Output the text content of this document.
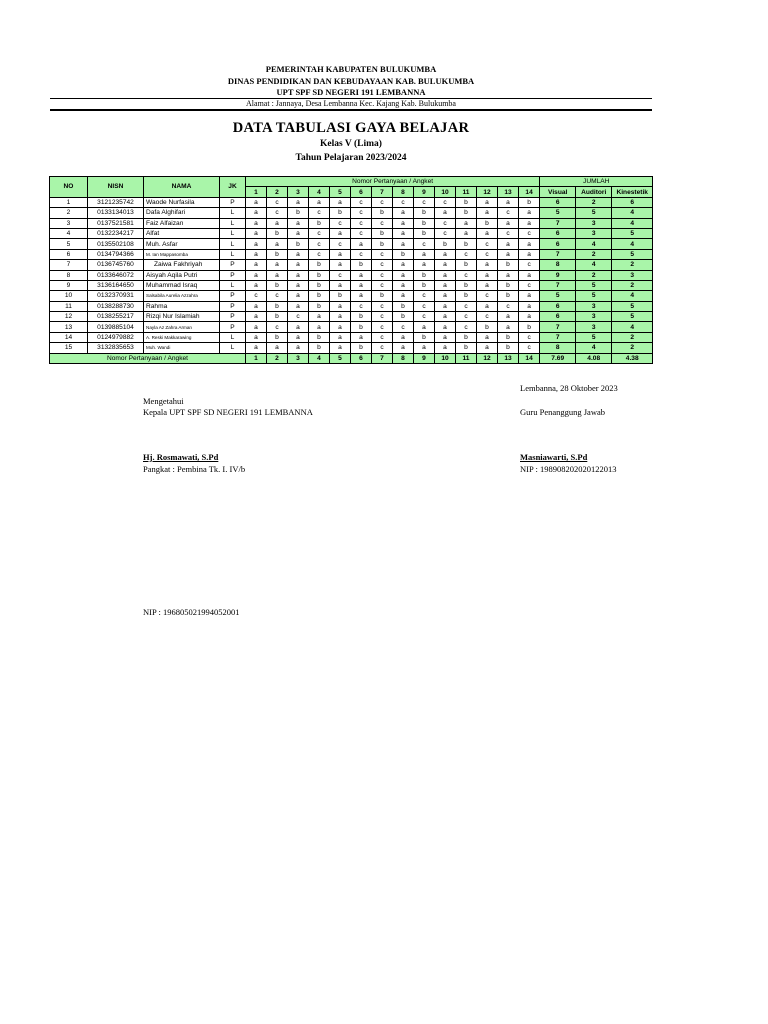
PEMERINTAH KABUPATEN BULUKUMBA
DINAS PENDIDIKAN DAN KEBUDAYAAN KAB. BULUKUMBA
UPT SPF SD NEGERI 191 LEMBANNA
Alamat : Jannaya, Desa Lembanna Kec. Kajang Kab. Bulukumba
DATA TABULASI GAYA BELAJAR
Kelas V (Lima)
Tahun Pelajaran 2023/2024
NO	NISN	NAMA	JK	Nomor Pertanyaan / Angket														JUMLAH		
				1	2	3	4	5	6	7	8	9	10	11	12	13	14	Visual	Auditori	Kinestetik
1	3121235742	Waode Nurfasila	P	a	c	a	a	a	c	c	c	c	c	b	a	a	b	6	2	6
2	0133134013	Dafa Alghifari	L	a	c	b	c	b	c	b	a	b	a	b	a	c	a	5	5	4
3	0137521581	Faiz Alfaizan	L	a	a	a	b	c	c	c	a	b	c	a	b	a	a	7	3	4
4	0132234217	Alfat	L	a	b	a	c	a	c	b	a	b	c	a	a	c	c	6	3	5
5	0135502108	Muh. Asfar	L	a	a	b	c	c	a	b	a	c	b	b	c	a	a	6	4	4
6	0134794366	M. Ian Mappasomba	L	a	b	a	c	a	c	c	b	a	a	c	c	a	a	7	2	5
7	0136745760	Zaiwa Fakhriyah	P	a	a	a	b	a	b	c	a	a	a	b	a	b	c	8	4	2
8	0133646072	Aisyah Aqila Putri	P	a	a	a	b	c	a	c	a	b	a	c	a	a	a	9	2	3
9	3136164650	Muhammad Israq	L	a	b	a	b	a	a	c	a	b	a	b	a	b	c	7	5	2
10	0132370931	Salsabila Aurelia Azzahra	P	c	c	a	b	b	a	b	a	c	a	b	c	b	a	5	5	4
11	0138288730	Rahma	P	a	b	a	b	a	c	c	b	c	a	c	a	c	a	6	3	5
12	0138255217	Rizqi Nur Islamiah	P	a	b	c	a	a	b	c	b	c	a	c	c	a	a	6	3	5
13	0139885104	Nayla Az Zahra Arman	P	a	c	a	a	a	b	c	c	a	a	c	b	a	b	7	3	4
14	0124979882	A. Reski Makkarawing	L	a	b	a	b	a	a	c	a	b	a	b	a	b	c	7	5	2
15	3132835653	Muh. Wandi	L	a	a	a	b	a	b	c	a	a	a	b	a	b	c	8	4	2
Nomor Pertanyaan / Angket				1	2	3	4	5	6	7	8	9	10	11	12	13	14	7.69	4.08	4.38
Lembanna, 28 Oktober 2023
Mengetahui
Kepala UPT SPF SD NEGERI 191 LEMBANNA	Guru Penanggung Jawab
Hj. Rosmawati, S.Pd
Pangkat : Pembina Tk. I. IV/b
Masniawarti, S.Pd
NIP : 198908202020122013
NIP : 196805021994052001
